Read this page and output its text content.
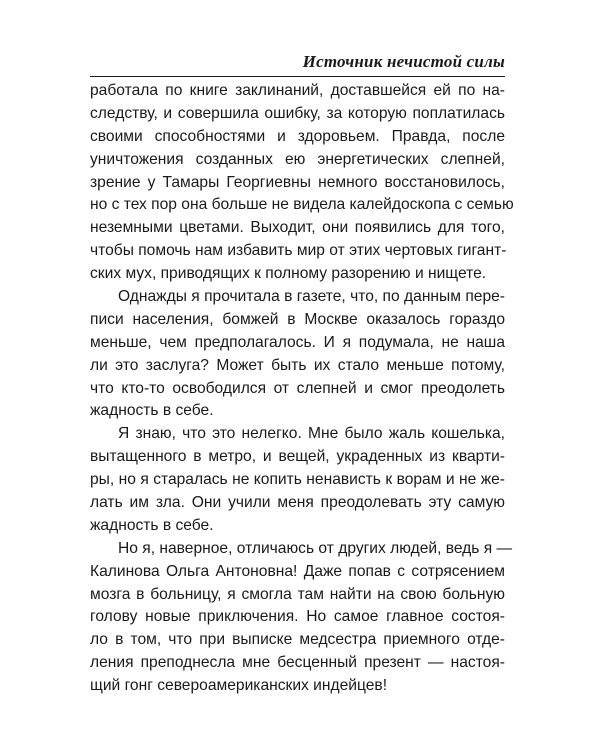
Источник нечистой силы
работала по книге заклинаний, доставшейся ей по на-
следству, и совершила ошибку, за которую поплатилась
своими способностями и здоровьем. Правда, после
уничтожения созданных ею энергетических слепней,
зрение у Тамары Георгиевны немного восстановилось,
но с тех пор она больше не видела калейдоскопа с семью
неземными цветами. Выходит, они появились для того,
чтобы помочь нам избавить мир от этих чертовых гигант-
ских мух, приводящих к полному разорению и нищете.
Однажды я прочитала в газете, что, по данным пере-
писи населения, бомжей в Москве оказалось гораздо
меньше, чем предполагалось. И я подумала, не наша
ли это заслуга? Может быть их стало меньше потому,
что кто-то освободился от слепней и смог преодолеть
жадность в себе.
Я знаю, что это нелегко. Мне было жаль кошелька,
вытащенного в метро, и вещей, украденных из кварти-
ры, но я старалась не копить ненависть к ворам и не же-
лать им зла. Они учили меня преодолевать эту самую
жадность в себе.
Но я, наверное, отличаюсь от других людей, ведь я —
Калинова Ольга Антоновна! Даже попав с сотрясением
мозга в больницу, я смогла там найти на свою больную
голову новые приключения. Но самое главное состоя-
ло в том, что при выписке медсестра приемного отде-
ления преподнесла мне бесценный презент — настоя-
щий гонг североамериканских индейцев!
